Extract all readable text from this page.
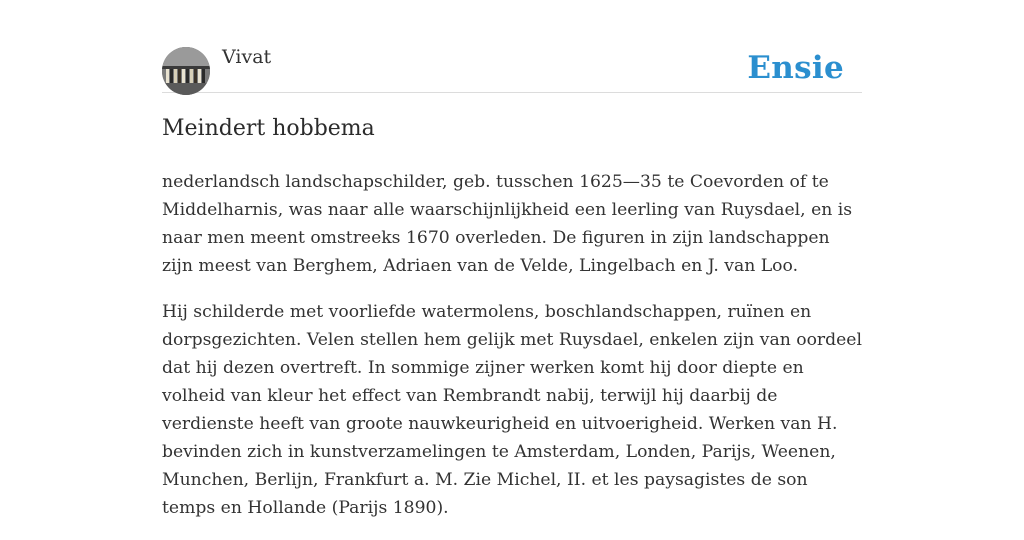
Vivat	Ensie
Meindert hobbema

nederlandsch landschapschilder, geb. tusschen 1625—35 te Coevorden of te Middelharnis, was naar alle waarschijnlijkheid een leerling van Ruysdael, en is naar men meent omstreeks 1670 overleden. De figuren in zijn landschappen zijn meest van Berghem, Adriaen van de Velde, Lingelbach en J. van Loo.

Hij schilderde met voorliefde watermolens, boschlandschappen, ruïnen en dorpsgezichten. Velen stellen hem gelijk met Ruysdael, enkelen zijn van oordeel dat hij dezen overtreft. In sommige zijner werken komt hij door diepte en volheid van kleur het effect van Rembrandt nabij, terwijl hij daarbij de verdienste heeft van groote nauwkeurigheid en uitvoerigheid. Werken van H. bevinden zich in kunstverzamelingen te Amsterdam, Londen, Parijs, Weenen, Munchen, Berlijn, Frankfurt a. M. Zie Michel, II. et les paysagistes de son temps en Hollande (Parijs 1890).
